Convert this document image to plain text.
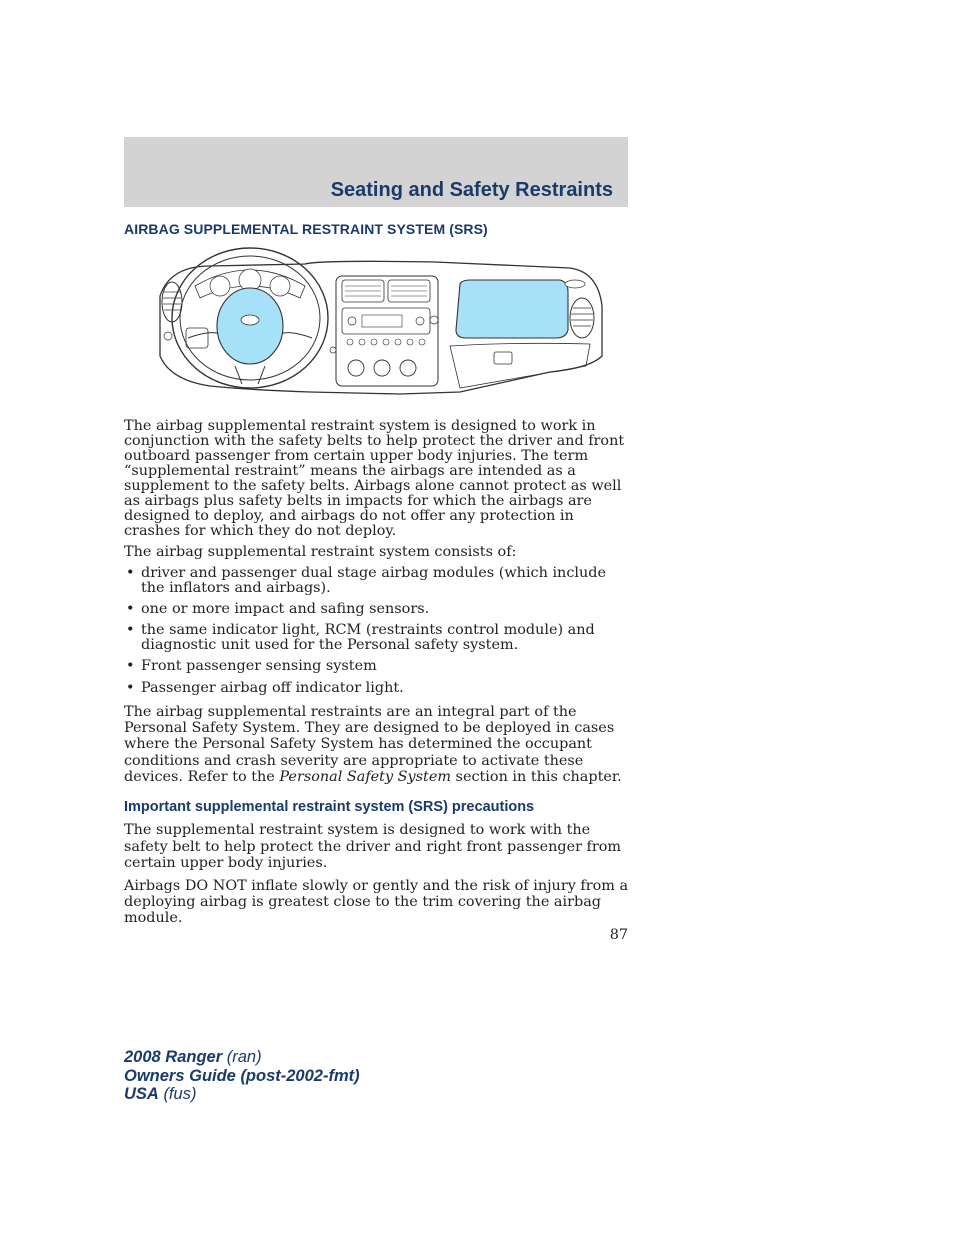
Seating and Safety Restraints
AIRBAG SUPPLEMENTAL RESTRAINT SYSTEM (SRS)

The airbag supplemental restraint system is designed to work in conjunction with the safety belts to help protect the driver and front outboard passenger from certain upper body injuries. The term “supplemental restraint” means the airbags are intended as a supplement to the safety belts. Airbags alone cannot protect as well as airbags plus safety belts in impacts for which the airbags are designed to deploy, and airbags do not offer any protection in crashes for which they do not deploy.

The airbag supplemental restraint system consists of:

• driver and passenger dual stage airbag modules (which include the inflators and airbags).
• one or more impact and safing sensors.
• the same indicator light, RCM (restraints control module) and diagnostic unit used for the Personal safety system.
• Front passenger sensing system
• Passenger airbag off indicator light.

The airbag supplemental restraints are an integral part of the Personal Safety System. They are designed to be deployed in cases where the Personal Safety System has determined the occupant conditions and crash severity are appropriate to activate these devices. Refer to the Personal Safety System section in this chapter.

Important supplemental restraint system (SRS) precautions

The supplemental restraint system is designed to work with the safety belt to help protect the driver and right front passenger from certain upper body injuries.

Airbags DO NOT inflate slowly or gently and the risk of injury from a deploying airbag is greatest close to the trim covering the airbag module.

87
2008 Ranger (ran)
Owners Guide (post-2002-fmt)
USA (fus)
